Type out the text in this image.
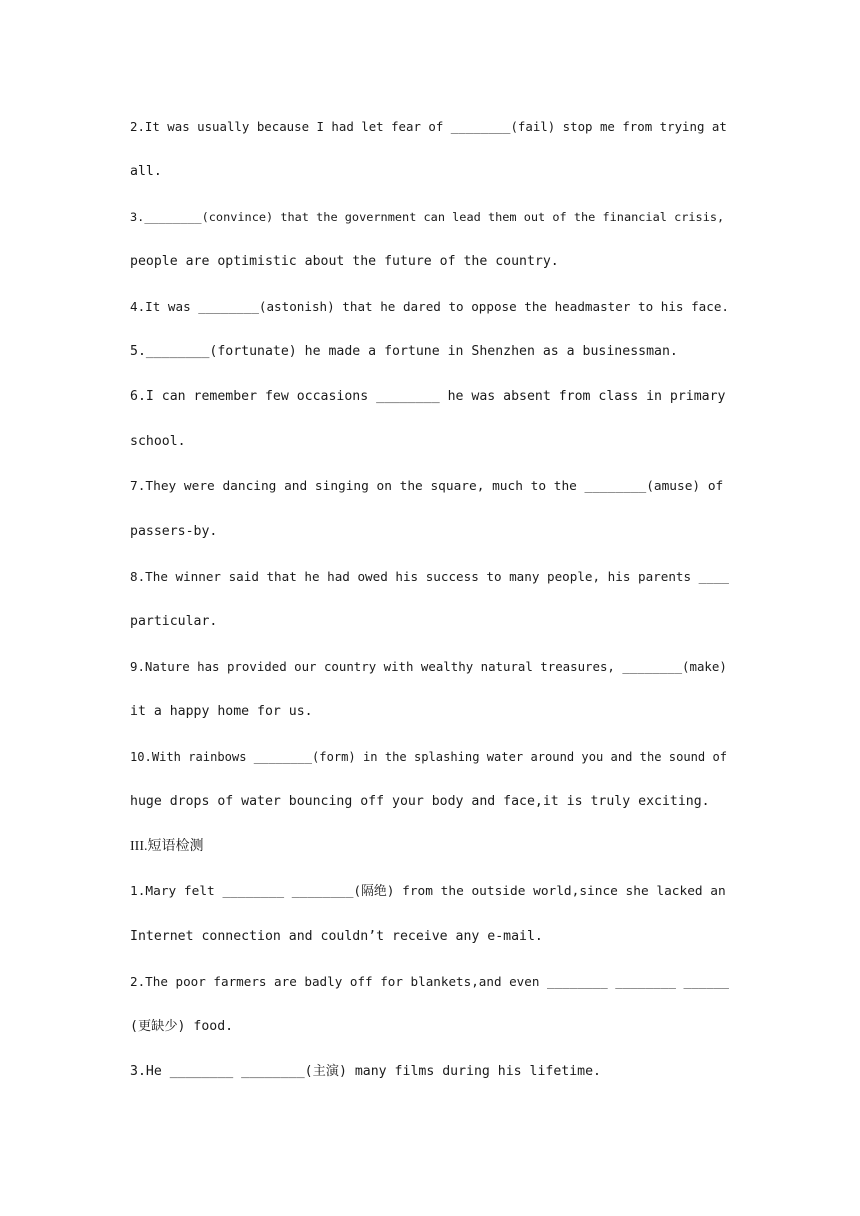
2.It was usually because I had let fear of ________(fail) stop me from trying at
all.
3.________(convince) that the government can lead them out of the financial crisis,
people are optimistic about the future of the country.
4.It was ________(astonish) that he dared to oppose the headmaster to his face.
5.________(fortunate) he made a fortune in Shenzhen as a businessman.
6.I can remember few occasions ________ he was absent from class in primary
school.
7.They were dancing and singing on the square, much to the ________(amuse) of
passers-by.
8.The winner said that he had owed his success to many people, his parents ____
particular.
9.Nature has provided our country with wealthy natural treasures, ________(make)
it a happy home for us.
10.With rainbows ________(form) in the splashing water around you and the sound of
huge drops of water bouncing off your body and face,it is truly exciting.
III.短语检测
1.Mary felt ________ ________(隔绝) from the outside world,since she lacked an
Internet connection and couldn’t receive any e-mail.
2.The poor farmers are badly off for blankets,and even ________ ________ ______
(更缺少) food.
3.He ________ ________(主演) many films during his lifetime.
